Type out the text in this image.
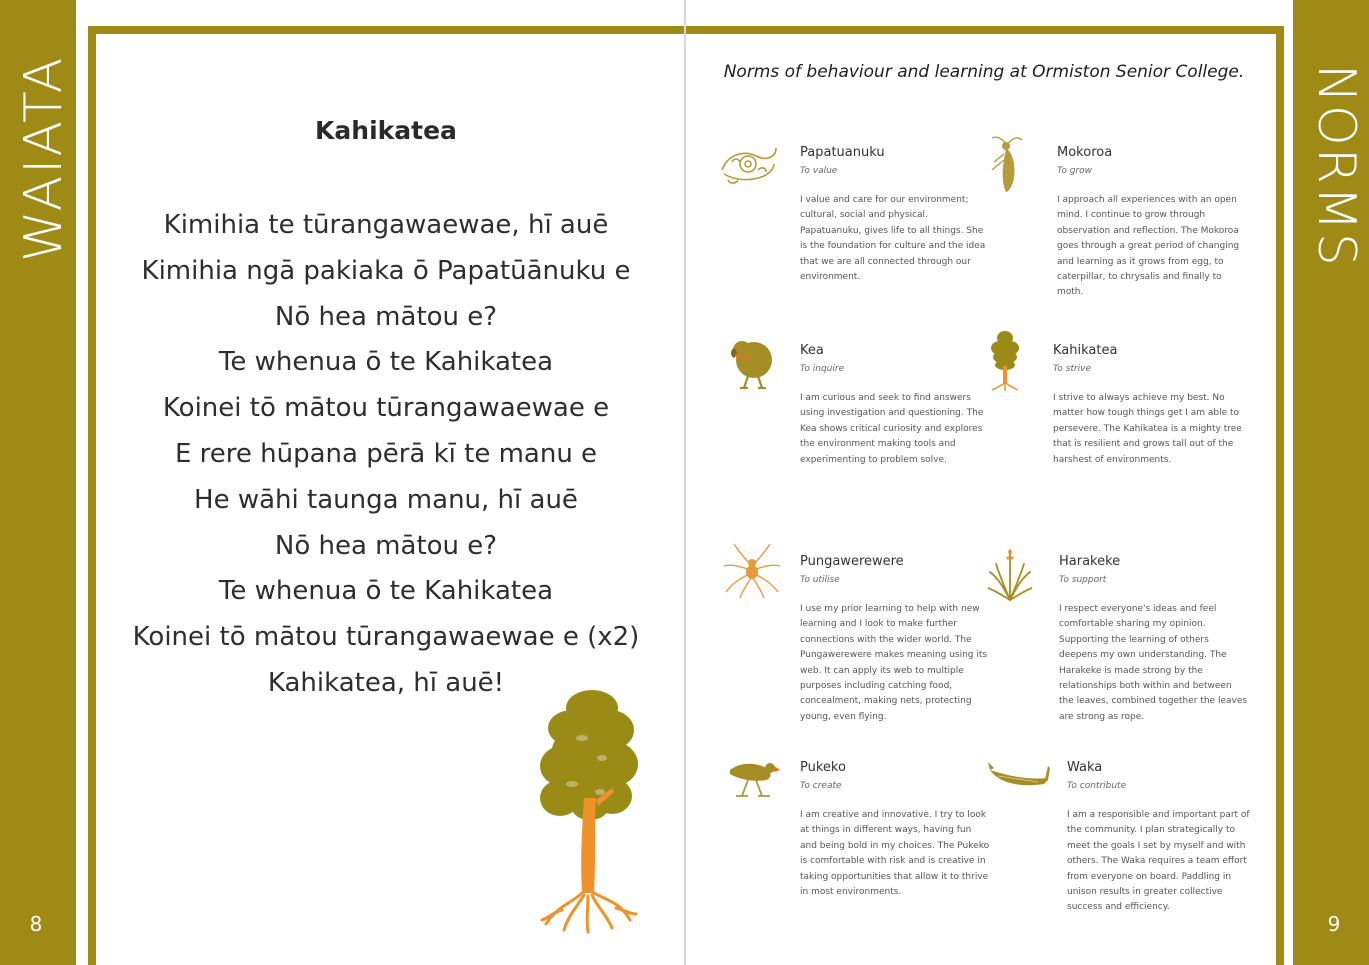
WAIATA
8
Kahikatea
Kimihia te tūrangawaewae, hī auē
Kimihia ngā pakiaka ō Papatūānuku e
Nō hea mātou e?
Te whenua ō te Kahikatea
Koinei tō mātou tūrangawaewae e
E rere hūpana pērā kī te manu e
He wāhi taunga manu, hī auē
Nō hea mātou e?
Te whenua ō te Kahikatea
Koinei tō mātou tūrangawaewae e (x2)
Kahikatea, hī auē!
NORMS
9
Norms of behaviour and learning at Ormiston Senior College.
Papatuanuku
To value
I value and care for our environment; cultural, social and physical. Papatuanuku, gives life to all things. She is the foundation for culture and the idea that we are all connected through our environment.
Mokoroa
To grow
I approach all experiences with an open mind. I continue to grow through observation and reflection. The Mokoroa goes through a great period of changing and learning as it grows from egg, to caterpillar, to chrysalis and finally to moth.
Kea
To inquire
I am curious and seek to find answers using investigation and questioning. The Kea shows critical curiosity and explores the environment making tools and experimenting to problem solve.
Kahikatea
To strive
I strive to always achieve my best. No matter how tough things get I am able to persevere. The Kahikatea is a mighty tree that is resilient and grows tall out of the harshest of environments.
Pungawerewere
To utilise
I use my prior learning to help with new learning and I look to make further connections with the wider world. The Pungawerewere makes meaning using its web. It can apply its web to multiple purposes including catching food, concealment, making nets, protecting young, even flying.
Harakeke
To support
I respect everyone's ideas and feel comfortable sharing my opinion. Supporting the learning of others deepens my own understanding. The Harakeke is made strong by the relationships both within and between the leaves, combined together the leaves are strong as rope.
Pukeko
To create
I am creative and innovative. I try to look at things in different ways, having fun and being bold in my choices. The Pukeko is comfortable with risk and is creative in taking opportunities that allow it to thrive in most environments.
Waka
To contribute
I am a responsible and important part of the community. I plan strategically to meet the goals I set by myself and with others. The Waka requires a team effort from everyone on board. Paddling in unison results in greater collective success and efficiency.
